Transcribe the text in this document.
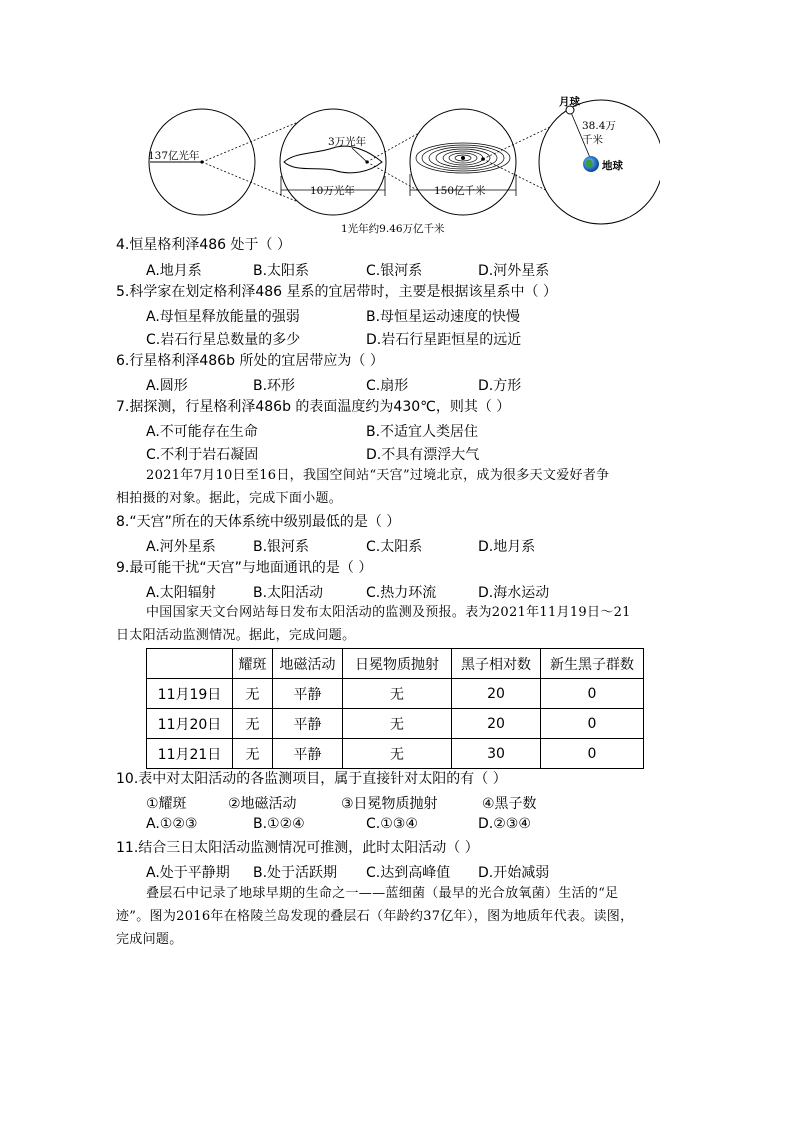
137亿光年
3万光年
10万光年	150亿千米
月球
38.4万
千米
地球
1光年约9.46万亿千米
4.恒星格利泽486 处于（ ）
A.地月系	B.太阳系	C.银河系	D.河外星系
5.科学家在划定格利泽486 星系的宜居带时，主要是根据该星系中（ ）
A.母恒星释放能量的强弱	B.母恒星运动速度的快慢
C.岩石行星总数量的多少	D.岩石行星距恒星的远近
6.行星格利泽486b 所处的宜居带应为（ ）
A.圆形	B.环形	C.扇形	D.方形
7.据探测，行星格利泽486b 的表面温度约为430℃，则其（ ）
A.不可能存在生命	B.不适宜人类居住
C.不利于岩石凝固	D.不具有漂浮大气
2021年7月10日至16日，我国空间站“天宫”过境北京，成为很多天文爱好者争
相拍摄的对象。据此，完成下面小题。
8.“天宫”所在的天体系统中级别最低的是（ ）
A.河外星系	B.银河系	C.太阳系	D.地月系
9.最可能干扰“天宫”与地面通讯的是（ ）
A.太阳辐射	B.太阳活动	C.热力环流	D.海水运动
中国国家天文台网站每日发布太阳活动的监测及预报。表为2021年11月19日～21
日太阳活动监测情况。据此，完成问题。
	耀斑	地磁活动	日冕物质抛射	黑子相对数	新生黑子群数
11月19日	无	平静	无	20	0
11月20日	无	平静	无	20	0
11月21日	无	平静	无	30	0
10.表中对太阳活动的各监测项目，属于直接针对太阳的有（ ）
①耀斑	②地磁活动	③日冕物质抛射	④黑子数
A.①②③	B.①②④	C.①③④	D.②③④
11.结合三日太阳活动监测情况可推测，此时太阳活动（ ）
A.处于平静期 B.处于活跃期 C.达到高峰值 D.开始减弱
叠层石中记录了地球早期的生命之一——蓝细菌（最早的光合放氧菌）生活的“足
迹”。图为2016年在格陵兰岛发现的叠层石（年龄约37亿年），图为地质年代表。读图，
完成问题。
